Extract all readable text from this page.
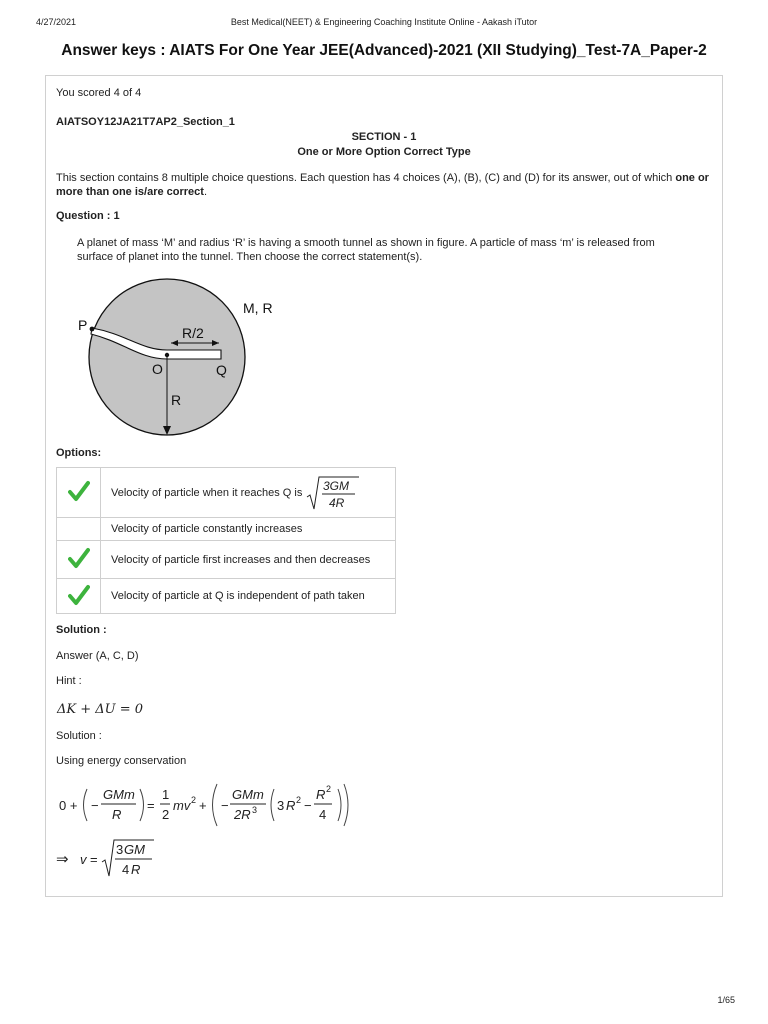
4/27/2021	Best Medical(NEET) & Engineering Coaching Institute Online - Aakash iTutor
Answer keys : AIATS For One Year JEE(Advanced)-2021 (XII Studying)_Test-7A_Paper-2
You scored 4 of 4
AIATSOY12JA21T7AP2_Section_1
SECTION - 1
One or More Option Correct Type
This section contains 8 multiple choice questions. Each question has 4 choices (A), (B), (C) and (D) for its answer, out of which one or more than one is/are correct.
Question : 1
A planet of mass ‘M’ and radius ‘R’ is having a smooth tunnel as shown in figure. A particle of mass ‘m’ is released from
surface of planet into the tunnel. Then choose the correct statement(s).
M, R
P	R/2
O	Q
R
Options:
	Velocity of particle when it reaches Q is 3GM
4R

	Velocity of particle constantly increases
	Velocity of particle first increases and then decreases
	Velocity of particle at Q is independent of path taken
Solution :
Answer (A, C, D)
Hint :
ΔK + ΔU = 0
Solution :
Using energy conservation
0 + −
GMm
R
=
1
2
mv 2 + −
GMm
2R 3 3 R 2 −
R 2
4
⇒ v =
3 GM
4 R
1/65
